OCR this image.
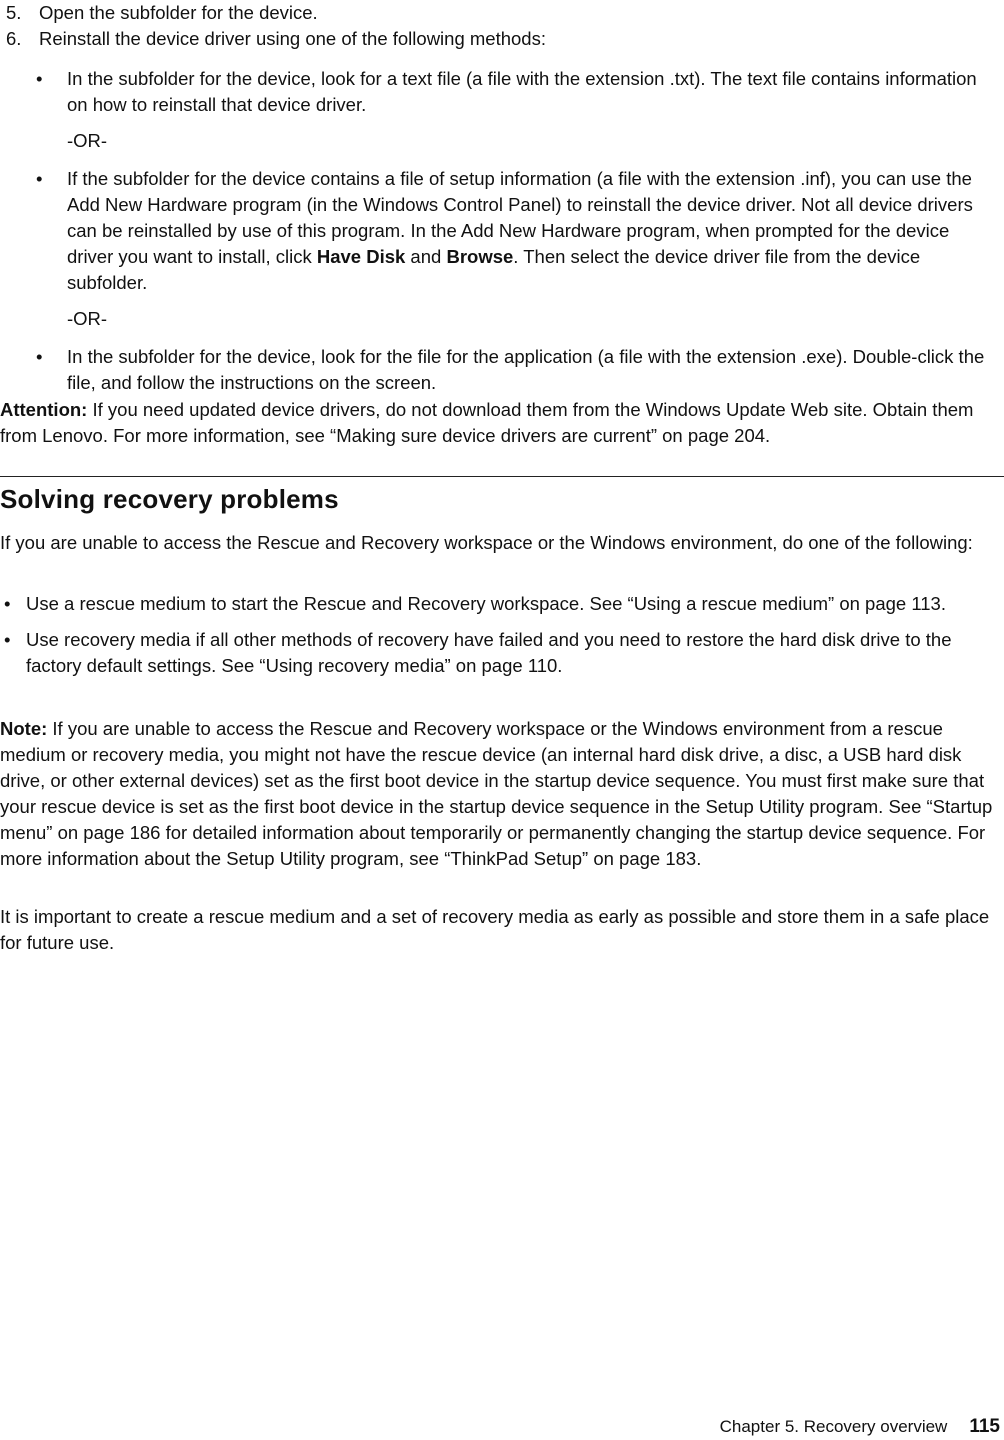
5. Open the subfolder for the device.
6. Reinstall the device driver using one of the following methods:
•	In the subfolder for the device, look for a text file (a file with the extension .txt). The text file contains information on how to reinstall that device driver.
-OR-
•	If the subfolder for the device contains a file of setup information (a file with the extension .inf), you can use the Add New Hardware program (in the Windows Control Panel) to reinstall the device driver. Not all device drivers can be reinstalled by use of this program. In the Add New Hardware program, when prompted for the device driver you want to install, click Have Disk and Browse. Then select the device driver file from the device subfolder.
-OR-
•	In the subfolder for the device, look for the file for the application (a file with the extension .exe). Double-click the file, and follow the instructions on the screen.
Attention: If you need updated device drivers, do not download them from the Windows Update Web site. Obtain them from Lenovo. For more information, see “Making sure device drivers are current” on page 204.
Solving recovery problems
If you are unable to access the Rescue and Recovery workspace or the Windows environment, do one of the following:
• Use a rescue medium to start the Rescue and Recovery workspace. See “Using a rescue medium” on page 113.
• Use recovery media if all other methods of recovery have failed and you need to restore the hard disk drive to the factory default settings. See “Using recovery media” on page 110.
Note: If you are unable to access the Rescue and Recovery workspace or the Windows environment from a rescue medium or recovery media, you might not have the rescue device (an internal hard disk drive, a disc, a USB hard disk drive, or other external devices) set as the first boot device in the startup device sequence. You must first make sure that your rescue device is set as the first boot device in the startup device sequence in the Setup Utility program. See “Startup menu” on page 186 for detailed information about temporarily or permanently changing the startup device sequence. For more information about the Setup Utility program, see “ThinkPad Setup” on page 183.
It is important to create a rescue medium and a set of recovery media as early as possible and store them in a safe place for future use.
Chapter 5. Recovery overview 115
